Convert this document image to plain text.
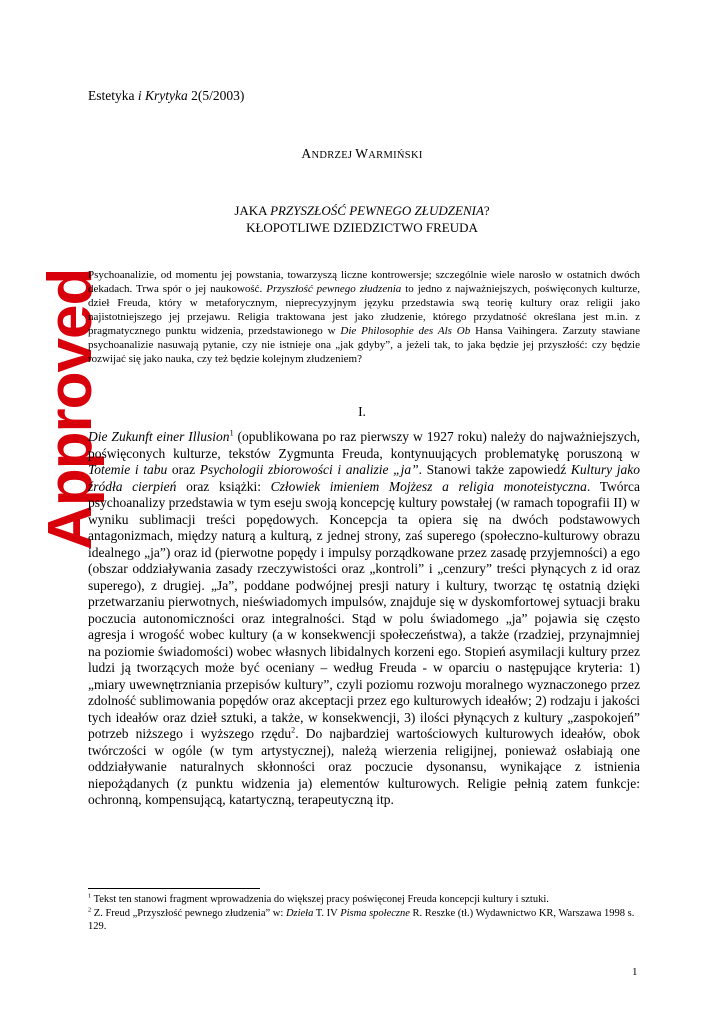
Approved
Estetyka i Krytyka 2(5/2003)
ANDRZEJ WARMIŃSKI
JAKA PRZYSZŁOŚĆ PEWNEGO ZŁUDZENIA?
KŁOPOTLIWE DZIEDZICTWO FREUDA
Psychoanalizie, od momentu jej powstania, towarzyszą liczne kontrowersje; szczególnie wiele narosło w ostatnich dwóch dekadach. Trwa spór o jej naukowość. Przyszłość pewnego złudzenia to jedno z najważniejszych, poświęconych kulturze, dzieł Freuda, który w metaforycznym, nieprecyzyjnym języku przedstawia swą teorię kultury oraz religii jako najistotniejszego jej przejawu. Religia traktowana jest jako złudzenie, którego przydatność określana jest m.in. z pragmatycznego punktu widzenia, przedstawionego w Die Philosophie des Als Ob Hansa Vaihingera. Zarzuty stawiane psychoanalizie nasuwają pytanie, czy nie istnieje ona „jak gdyby”, a jeżeli tak, to jaka będzie jej przyszłość: czy będzie rozwijać się jako nauka, czy też będzie kolejnym złudzeniem?
I.

Die Zukunft einer Illusion$^1$ (opublikowana po raz pierwszy w 1927 roku) należy do najważniejszych, poświęconych kulturze, tekstów Zygmunta Freuda, kontynuujących problematykę poruszoną w Totemie i tabu oraz Psychologii zbiorowości i analizie „ja”. Stanowi także zapowiedź Kultury jako źródła cierpień oraz książki: Człowiek imieniem Mojżesz a religia monoteistyczna. Twórca psychoanalizy przedstawia w tym eseju swoją koncepcję kultury powstałej (w ramach topografii II) w wyniku sublimacji treści popędowych. Koncepcja ta opiera się na dwóch podstawowych antagonizmach, między naturą a kulturą, z jednej strony, zaś superego (społeczno-kulturowy obrazu idealnego „ja”) oraz id (pierwotne popędy i impulsy porządkowane przez zasadę przyjemności) a ego (obszar oddziaływania zasady rzeczywistości oraz „kontroli” i „cenzury” treści płynących z id oraz superego), z drugiej. „Ja”, poddane podwójnej presji natury i kultury, tworząc tę ostatnią dzięki przetwarzaniu pierwotnych, nieświadomych impulsów, znajduje się w dyskomfortowej sytuacji braku poczucia autonomiczności oraz integralności. Stąd w polu świadomego „ja” pojawia się często agresja i wrogość wobec kultury (a w konsekwencji społeczeństwa), a także (rzadziej, przynajmniej na poziomie świadomości) wobec własnych libidalnych korzeni ego. Stopień asymilacji kultury przez ludzi ją tworzących może być oceniany – według Freuda - w oparciu o następujące kryteria: 1) „miary uwewnętrzniania przepisów kultury”, czyli poziomu rozwoju moralnego wyznaczonego przez zdolność sublimowania popędów oraz akceptacji przez ego kulturowych ideałów; 2) rodzaju i jakości tych ideałów oraz dzieł sztuki, a także, w konsekwencji, 3) ilości płynących z kultury „zaspokojeń” potrzeb niższego i wyższego rzędu$^2$. Do najbardziej wartościowych kulturowych ideałów, obok twórczości w ogóle (w tym artystycznej), należą wierzenia religijnej, ponieważ osłabiają one oddziaływanie naturalnych skłonności oraz poczucie dysonansu, wynikające z istnienia niepożądanych (z punktu widzenia ja) elementów kulturowych. Religie pełnią zatem funkcje: ochronną, kompensującą, katartyczną, terapeutyczną itp.

$^1$ Tekst ten stanowi fragment wprowadzenia do większej pracy poświęconej Freuda koncepcji kultury i sztuki.
$^2$ Z. Freud „Przyszłość pewnego złudzenia” w: Dzieła T. IV Pisma społeczne R. Reszke (tł.) Wydawnictwo KR, Warszawa 1998 s. 129.
1
